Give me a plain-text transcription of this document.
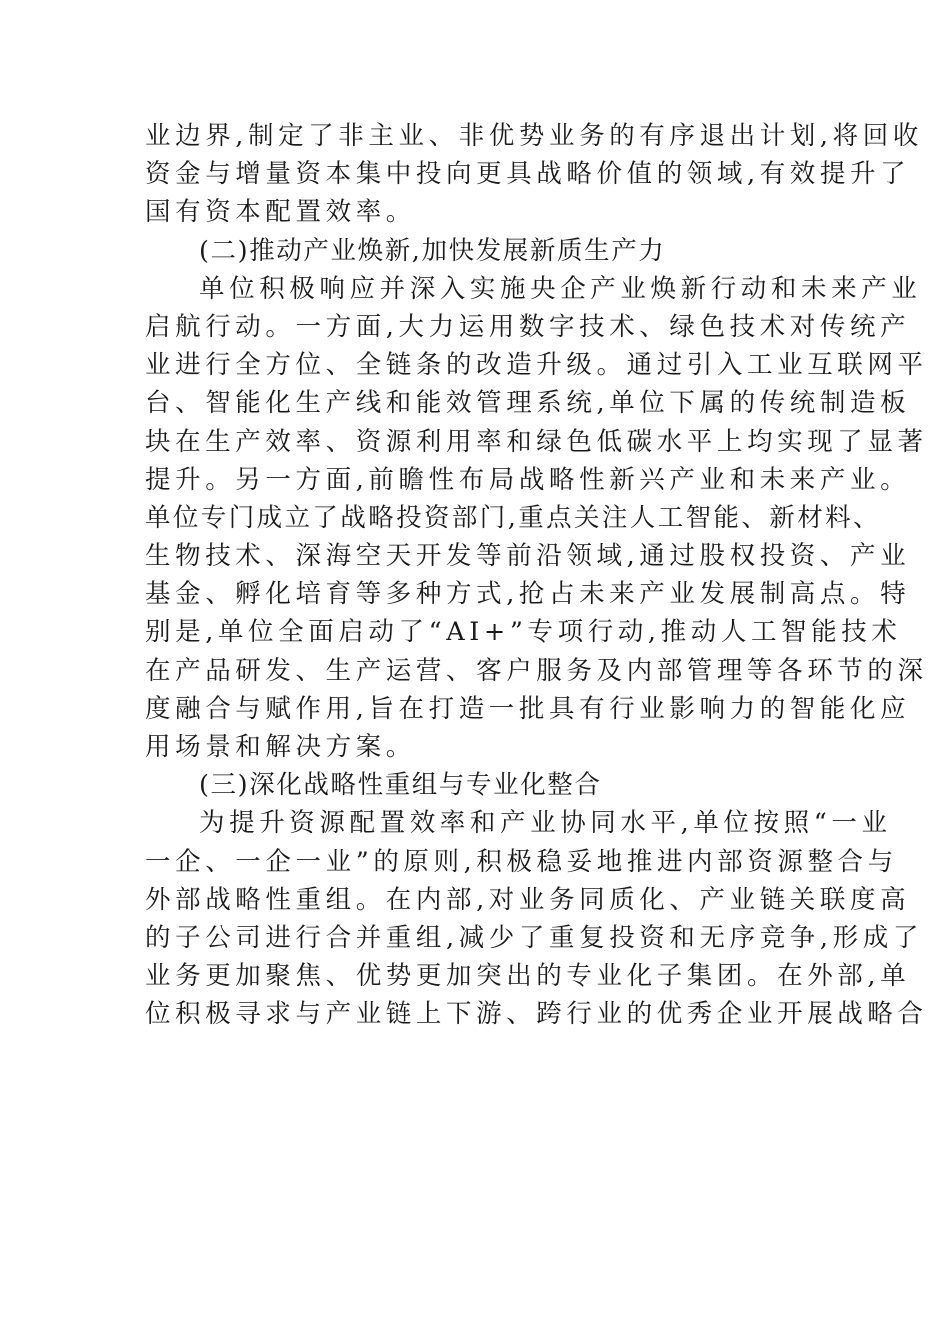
业边界,制定了非主业、非优势业务的有序退出计划,将回收
资金与增量资本集中投向更具战略价值的领域,有效提升了
国有资本配置效率。
(二)推动产业焕新,加快发展新质生产力
单位积极响应并深入实施央企产业焕新行动和未来产业
启航行动。一方面,大力运用数字技术、绿色技术对传统产
业进行全方位、全链条的改造升级。通过引入工业互联网平
台、智能化生产线和能效管理系统,单位下属的传统制造板
块在生产效率、资源利用率和绿色低碳水平上均实现了显著
提升。另一方面,前瞻性布局战略性新兴产业和未来产业。
单位专门成立了战略投资部门,重点关注人工智能、新材料、
生物技术、深海空天开发等前沿领域,通过股权投资、产业
基金、孵化培育等多种方式,抢占未来产业发展制高点。特
别是,单位全面启动了“AI+”专项行动,推动人工智能技术
在产品研发、生产运营、客户服务及内部管理等各环节的深
度融合与赋作用,旨在打造一批具有行业影响力的智能化应
用场景和解决方案。
(三)深化战略性重组与专业化整合
为提升资源配置效率和产业协同水平,单位按照“一业
一企、一企一业”的原则,积极稳妥地推进内部资源整合与
外部战略性重组。在内部,对业务同质化、产业链关联度高
的子公司进行合并重组,减少了重复投资和无序竞争,形成了
业务更加聚焦、优势更加突出的专业化子集团。在外部,单
位积极寻求与产业链上下游、跨行业的优秀企业开展战略合
